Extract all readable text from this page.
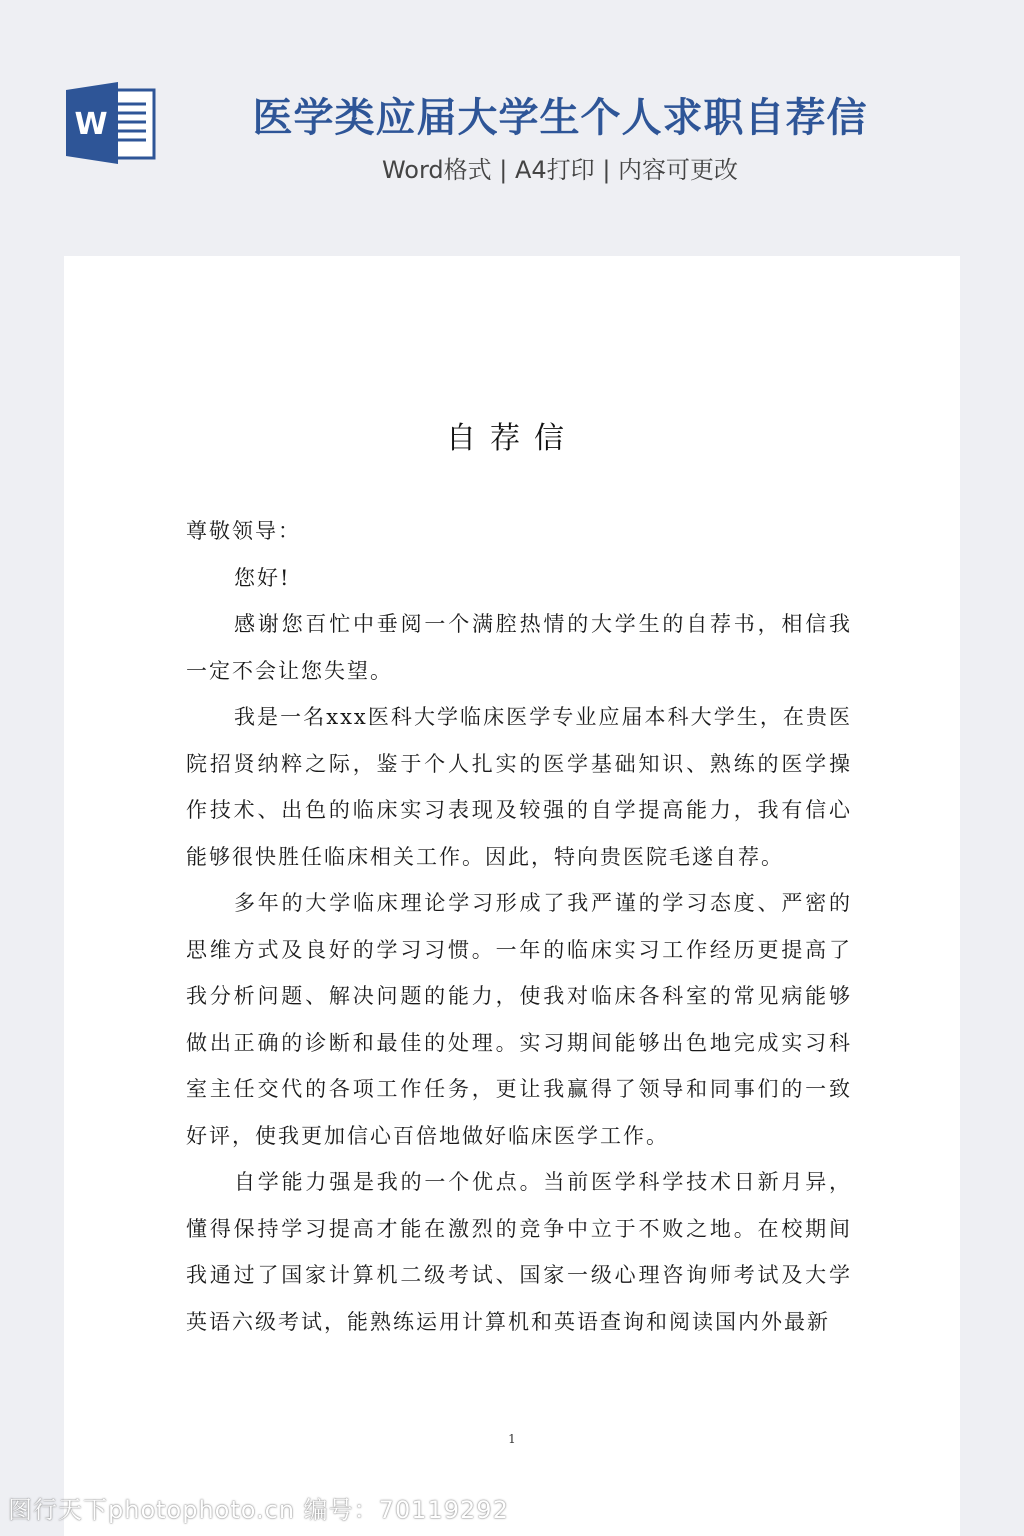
W	医学类应届大学生个人求职自荐信
Word格式 | A4打印 | 内容可更改
自荐信

尊敬领导：

您好!

感谢您百忙中垂阅一个满腔热情的大学生的自荐书，相信我一定不会让您失望。

我是一名xxx医科大学临床医学专业应届本科大学生，在贵医院招贤纳粹之际，鉴于个人扎实的医学基础知识、熟练的医学操作技术、出色的临床实习表现及较强的自学提高能力，我有信心能够很快胜任临床相关工作。因此，特向贵医院毛遂自荐。

多年的大学临床理论学习形成了我严谨的学习态度、严密的思维方式及良好的学习习惯。一年的临床实习工作经历更提高了我分析问题、解决问题的能力，使我对临床各科室的常见病能够做出正确的诊断和最佳的处理。实习期间能够出色地完成实习科室主任交代的各项工作任务，更让我赢得了领导和同事们的一致好评，使我更加信心百倍地做好临床医学工作。

自学能力强是我的一个优点。当前医学科学技术日新月异，懂得保持学习提高才能在激烈的竞争中立于不败之地。在校期间我通过了国家计算机二级考试、国家一级心理咨询师考试及大学英语六级考试，能熟练运用计算机和英语查询和阅读国内外最新

1
图行天下photophoto.cn 编号：70119292
